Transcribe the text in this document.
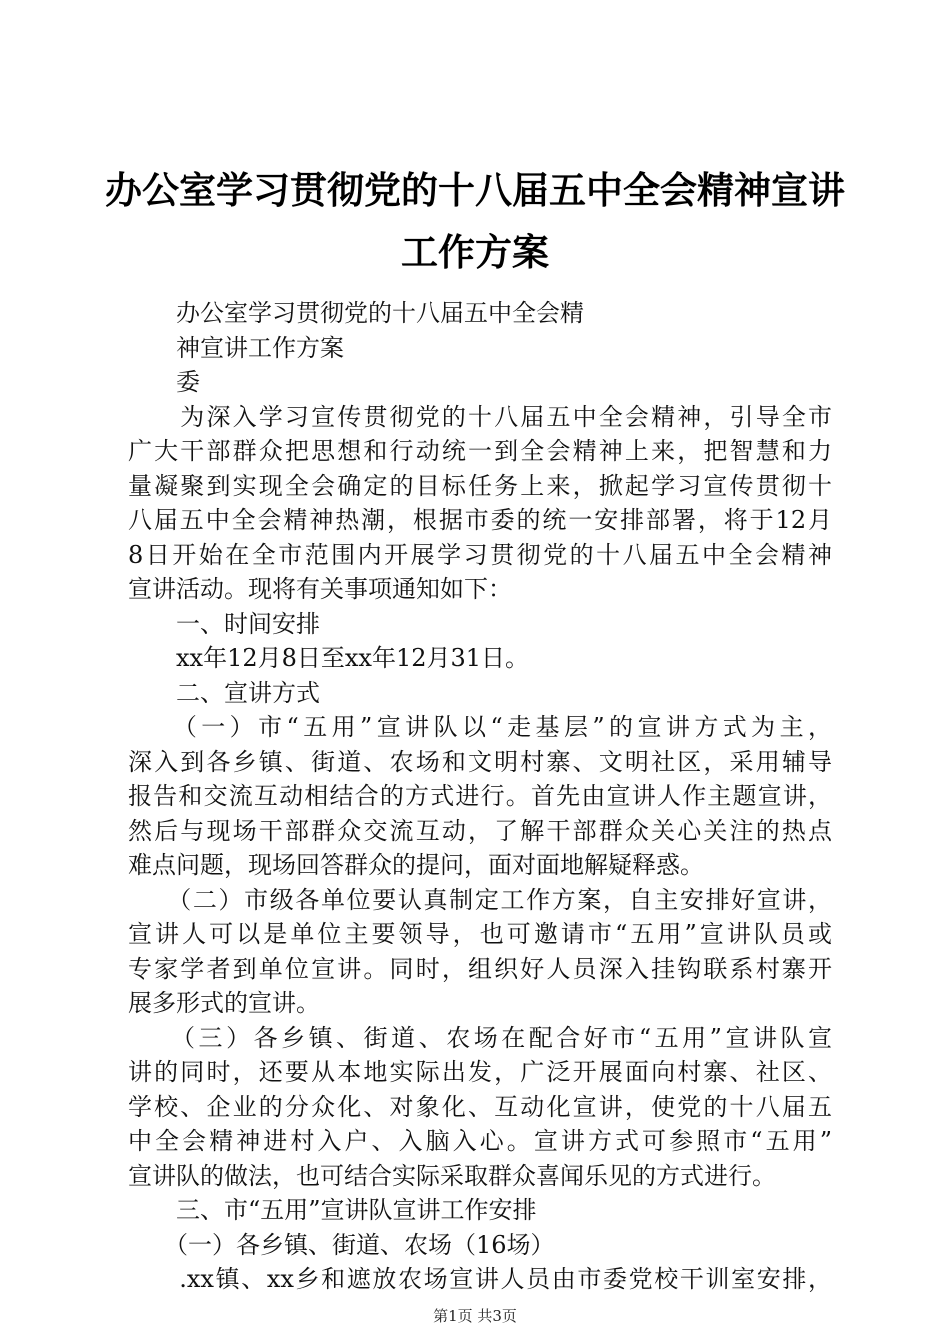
办公室学习贯彻党的十八届五中全会精神宣讲
工作方案
　　办公室学习贯彻党的十八届五中全会精
　　神宣讲工作方案
　　委
　　为深入学习宣传贯彻党的十八届五中全会精神，引导全市
广大干部群众把思想和行动统一到全会精神上来，把智慧和力
量凝聚到实现全会确定的目标任务上来，掀起学习宣传贯彻十
八届五中全会精神热潮，根据市委的统一安排部署，将于12月
8日开始在全市范围内开展学习贯彻党的十八届五中全会精神
宣讲活动。现将有关事项通知如下：
　　一、时间安排
　　xx年12月8日至xx年12月31日。
　　二、宣讲方式
　　（一）市“五用”宣讲队以“走基层”的宣讲方式为主，
深入到各乡镇、街道、农场和文明村寨、文明社区，采用辅导
报告和交流互动相结合的方式进行。首先由宣讲人作主题宣讲，
然后与现场干部群众交流互动，了解干部群众关心关注的热点
难点问题，现场回答群众的提问，面对面地解疑释惑。
　　（二）市级各单位要认真制定工作方案，自主安排好宣讲，
宣讲人可以是单位主要领导，也可邀请市“五用”宣讲队员或
专家学者到单位宣讲。同时，组织好人员深入挂钩联系村寨开
展多形式的宣讲。
　　（三）各乡镇、街道、农场在配合好市“五用”宣讲队宣
讲的同时，还要从本地实际出发，广泛开展面向村寨、社区、
学校、企业的分众化、对象化、互动化宣讲，使党的十八届五
中全会精神进村入户、入脑入心。宣讲方式可参照市“五用”
宣讲队的做法，也可结合实际采取群众喜闻乐见的方式进行。
　　三、市“五用”宣讲队宣讲工作安排
　　（一）各乡镇、街道、农场（16场）
　　.xx镇、xx乡和遮放农场宣讲人员由市委党校干训室安排，
第1页 共3页
